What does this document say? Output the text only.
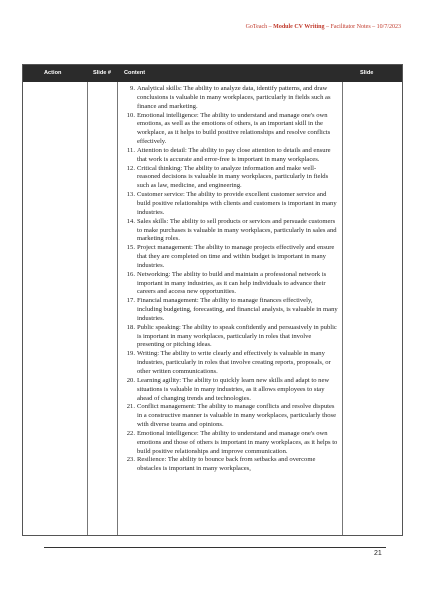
GoTeach – Module CV Writing – Facilitator Notes – 10/7/2023
Action	Slide # Content	Slide
9. Analytical skills: The ability to analyze data, identify patterns, and draw conclusions is valuable in many workplaces, particularly in fields such as finance and marketing.
10. Emotional intelligence: The ability to understand and manage one's own emotions, as well as the emotions of others, is an important skill in the workplace, as it helps to build positive relationships and resolve conflicts effectively.
11. Attention to detail: The ability to pay close attention to details and ensure that work is accurate and error-free is important in many workplaces.
12. Critical thinking: The ability to analyze information and make well-reasoned decisions is valuable in many workplaces, particularly in fields such as law, medicine, and engineering.
13. Customer service: The ability to provide excellent customer service and build positive relationships with clients and customers is important in many industries.
14. Sales skills: The ability to sell products or services and persuade customers to make purchases is valuable in many workplaces, particularly in sales and marketing roles.
15. Project management: The ability to manage projects effectively and ensure that they are completed on time and within budget is important in many industries.
16. Networking: The ability to build and maintain a professional network is important in many industries, as it can help individuals to advance their careers and access new opportunities.
17. Financial management: The ability to manage finances effectively, including budgeting, forecasting, and financial analysis, is valuable in many industries.
18. Public speaking: The ability to speak confidently and persuasively in public is important in many workplaces, particularly in roles that involve presenting or pitching ideas.
19. Writing: The ability to write clearly and effectively is valuable in many industries, particularly in roles that involve creating reports, proposals, or other written communications.
20. Learning agility: The ability to quickly learn new skills and adapt to new situations is valuable in many industries, as it allows employees to stay ahead of changing trends and technologies.
21. Conflict management: The ability to manage conflicts and resolve disputes in a constructive manner is valuable in many workplaces, particularly those with diverse teams and opinions.
22. Emotional intelligence: The ability to understand and manage one's own emotions and those of others is important in many workplaces, as it helps to build positive relationships and improve communication.
23. Resilience: The ability to bounce back from setbacks and overcome obstacles is important in many workplaces,
21
